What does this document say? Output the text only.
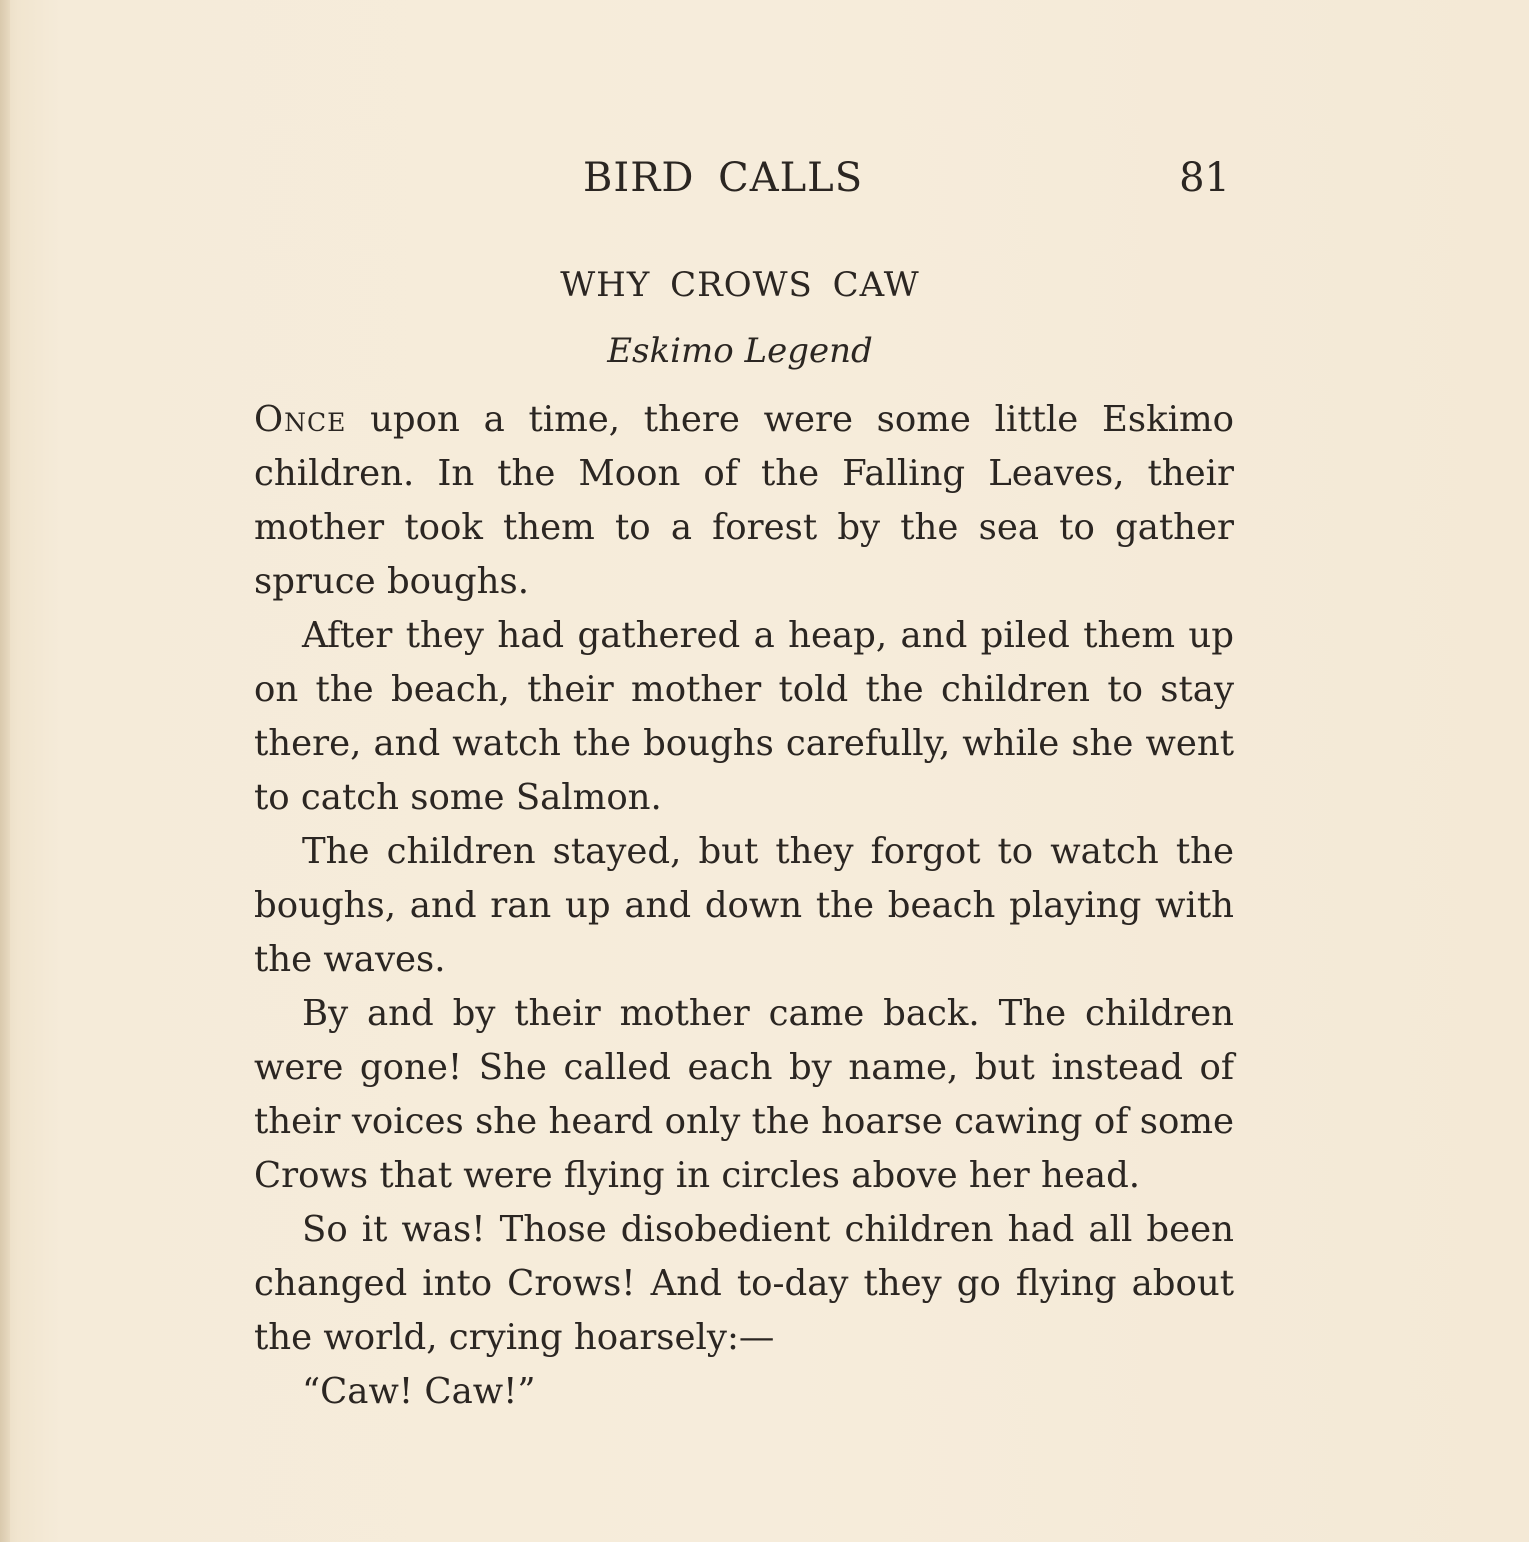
BIRD CALLS	81
WHY CROWS CAW

Eskimo Legend

Once upon a time, there were some little Eskimo children. In the Moon of the Falling Leaves, their mother took them to a forest by the sea to gather spruce boughs.

After they had gathered a heap, and piled them up on the beach, their mother told the children to stay there, and watch the boughs carefully, while she went to catch some Salmon.

The children stayed, but they forgot to watch the boughs, and ran up and down the beach playing with the waves.

By and by their mother came back. The children were gone! She called each by name, but instead of their voices she heard only the hoarse cawing of some Crows that were flying in circles above her head.

So it was! Those disobedient children had all been changed into Crows! And to-day they go flying about the world, crying hoarsely:—

“Caw! Caw!”
